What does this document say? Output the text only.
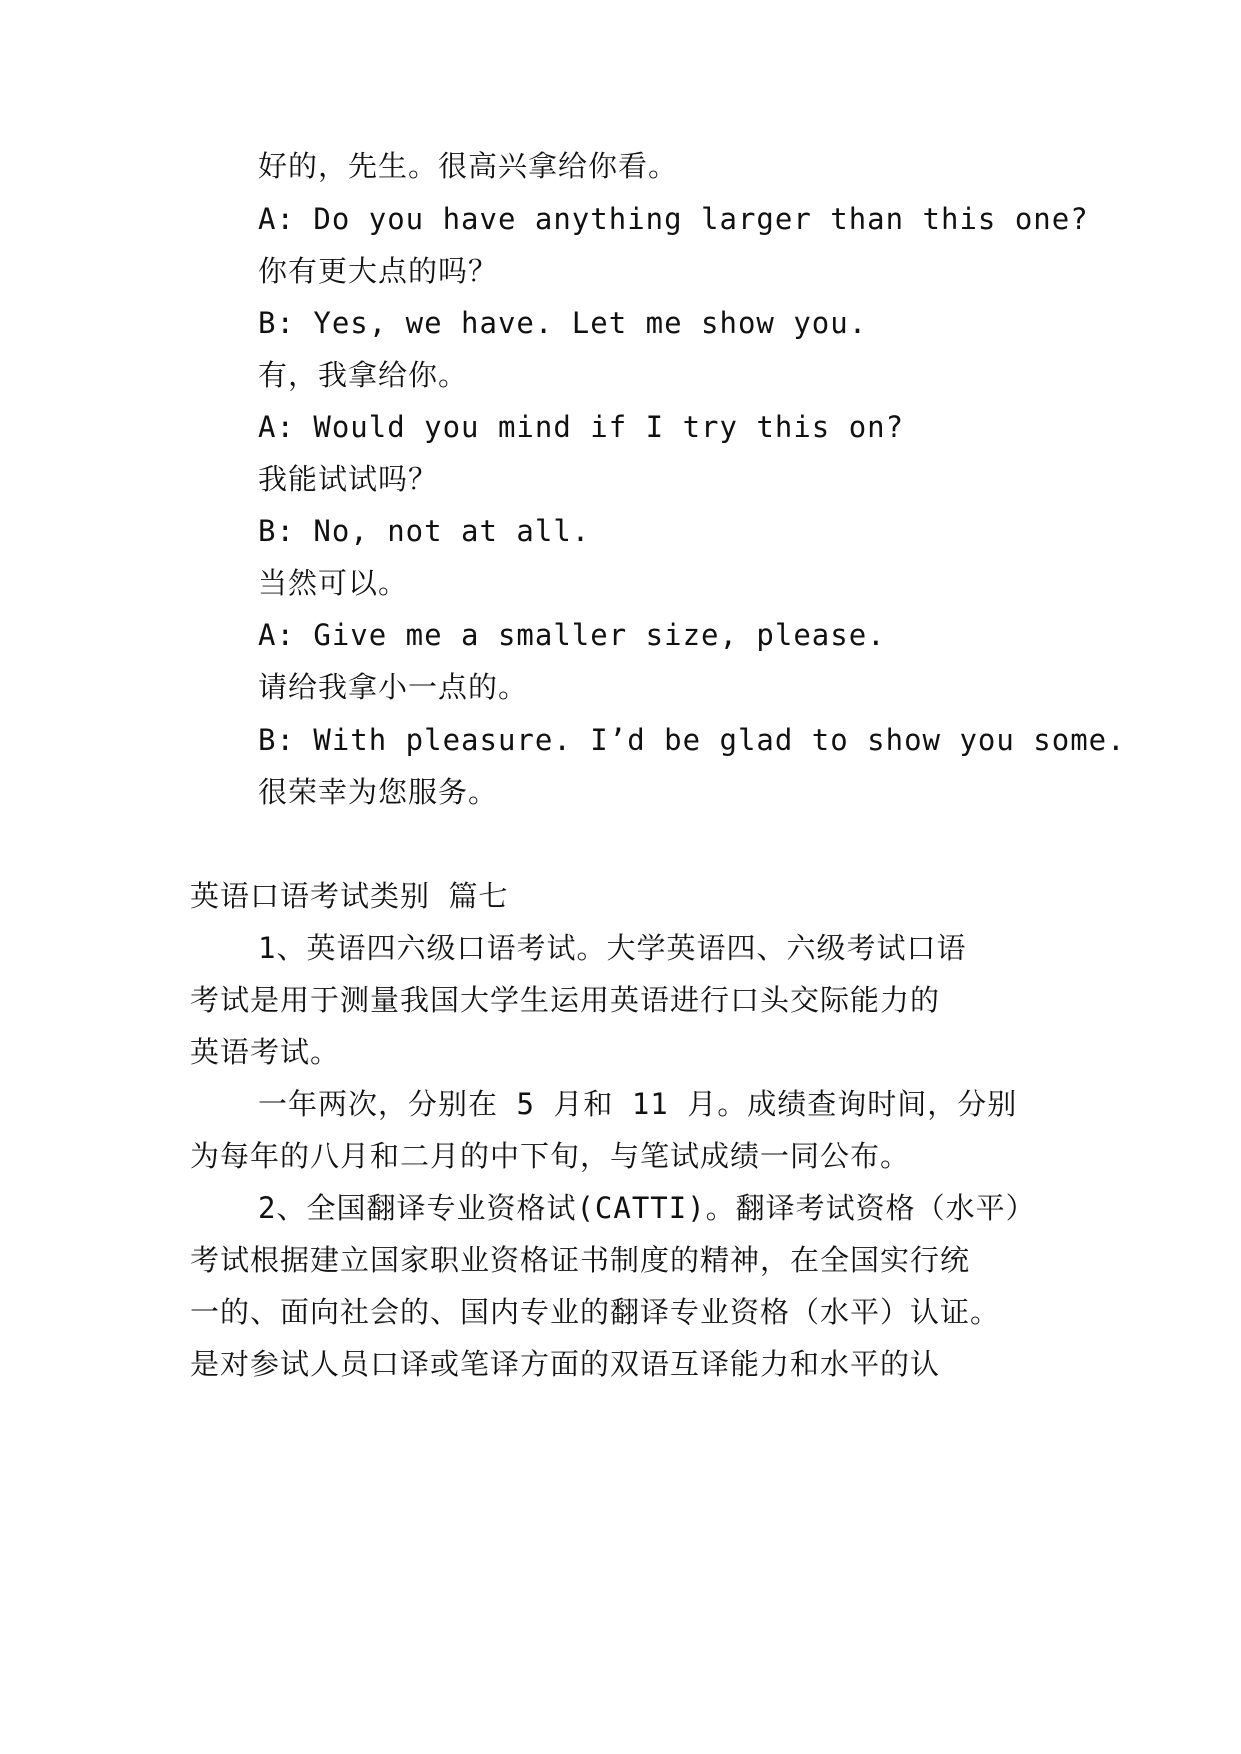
好的，先生。很高兴拿给你看。
A: Do you have anything larger than this one?
你有更大点的吗？
B: Yes, we have. Let me show you.
有，我拿给你。
A: Would you mind if I try this on?
我能试试吗？
B: No, not at all.
当然可以。
A: Give me a smaller size, please.
请给我拿小一点的。
B: With pleasure. I’d be glad to show you some.
很荣幸为您服务。
英语口语考试类别 篇七
1、英语四六级口语考试。大学英语四、六级考试口语
考试是用于测量我国大学生运用英语进行口头交际能力的
英语考试。
一年两次，分别在 5 月和 11 月。成绩查询时间，分别
为每年的八月和二月的中下旬，与笔试成绩一同公布。
2、全国翻译专业资格试(CATTI)。翻译考试资格（水平）
考试根据建立国家职业资格证书制度的精神，在全国实行统
一的、面向社会的、国内专业的翻译专业资格（水平）认证。
是对参试人员口译或笔译方面的双语互译能力和水平的认
